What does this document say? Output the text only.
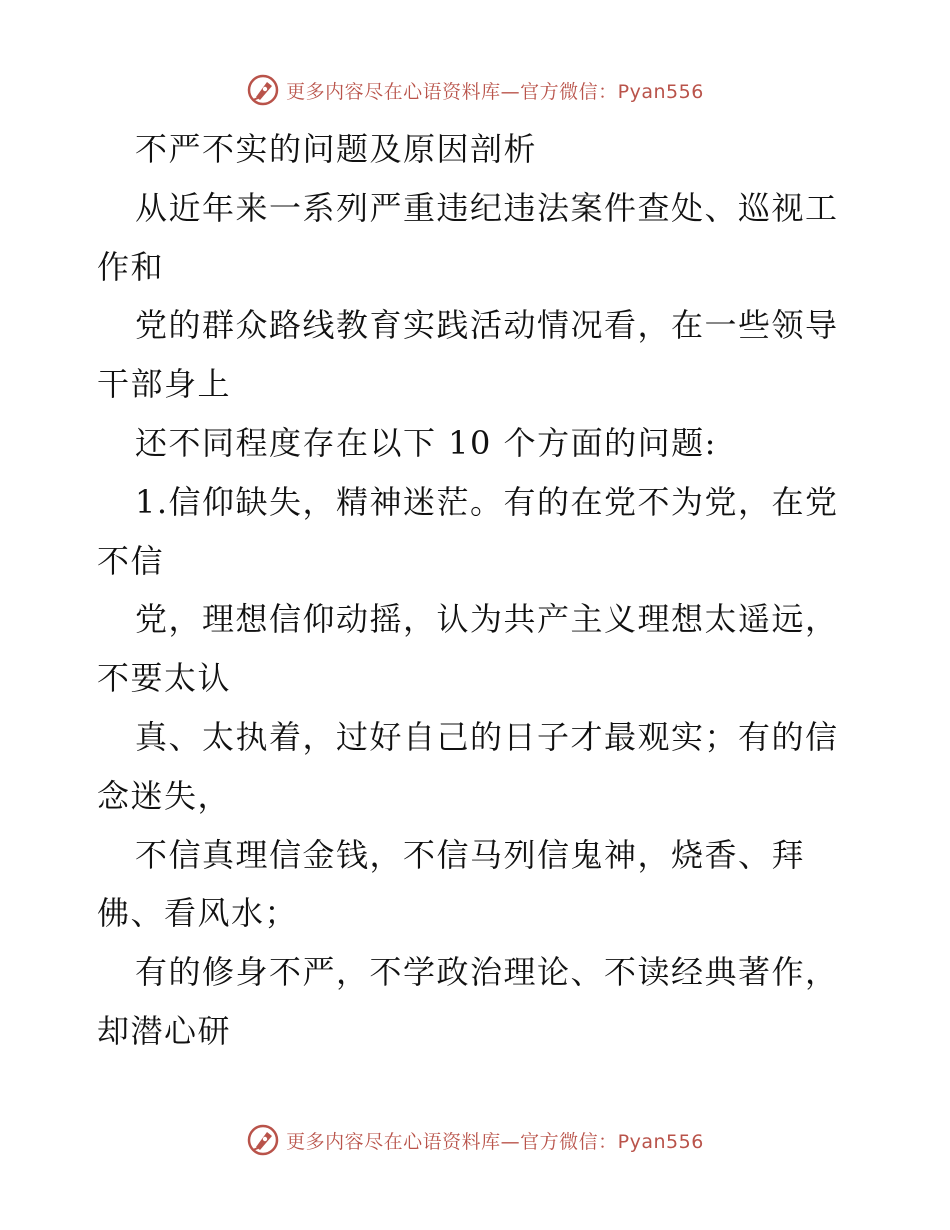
更多内容尽在心语资料库—官方微信：Pyan556
不严不实的问题及原因剖析
从近年来一系列严重违纪违法案件查处、巡视工
作和
党的群众路线教育实践活动情况看，在一些领导
干部身上
还不同程度存在以下 10 个方面的问题:
1.信仰缺失，精神迷茫。有的在党不为党，在党
不信
党，理想信仰动摇，认为共产主义理想太遥远，
不要太认
真、太执着，过好自己的日子才最观实；有的信
念迷失，
不信真理信金钱，不信马列信鬼神，烧香、拜
佛、看风水；
有的修身不严，不学政治理论、不读经典著作，
却潜心研
更多内容尽在心语资料库—官方微信：Pyan556
